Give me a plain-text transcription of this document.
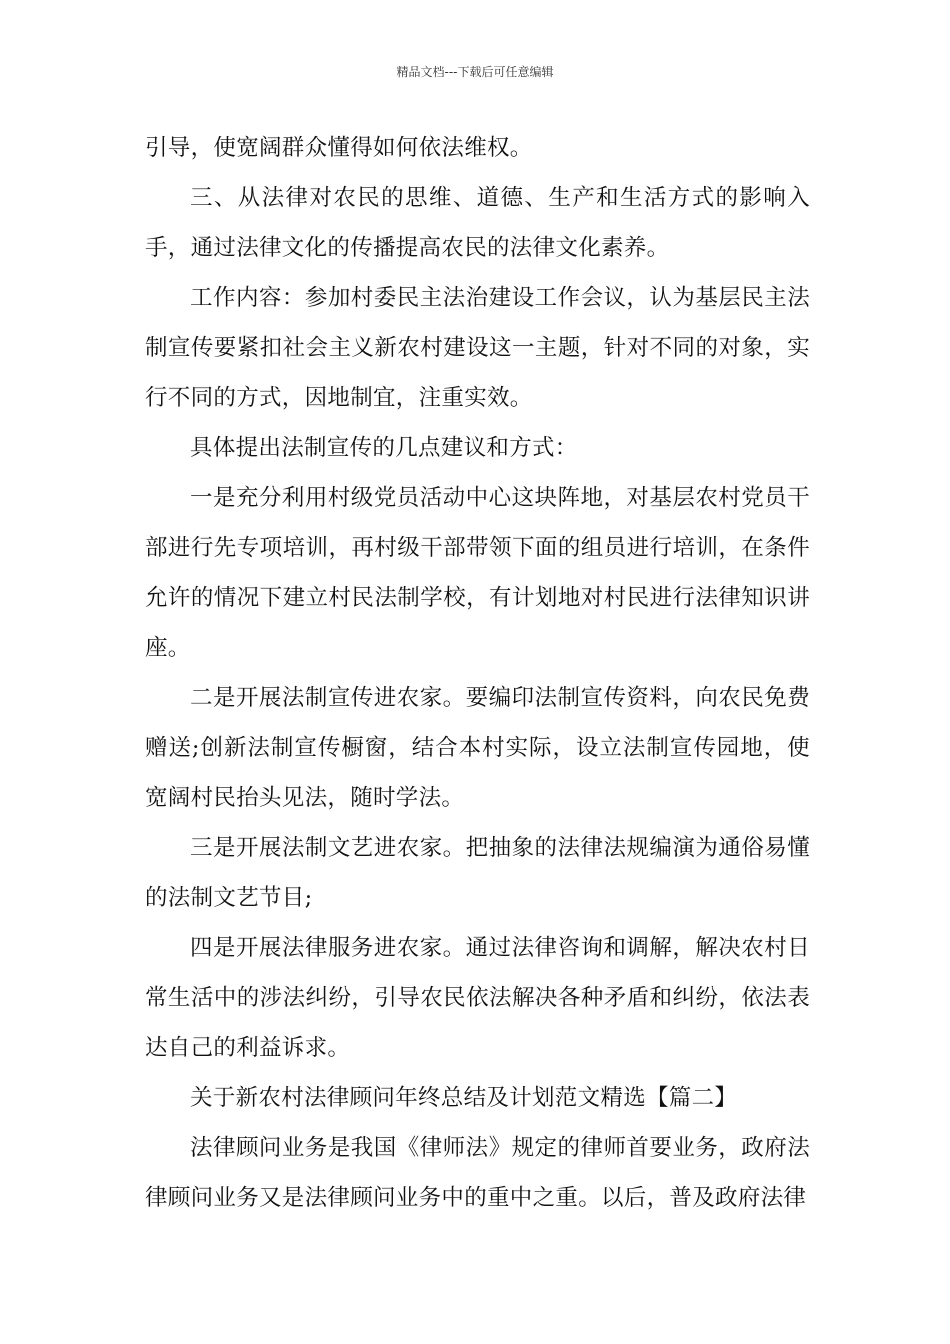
精品文档---下载后可任意编辑

引导，使宽阔群众懂得如何依法维权。

三、从法律对农民的思维、道德、生产和生活方式的影响入手，通过法律文化的传播提高农民的法律文化素养。

工作内容：参加村委民主法治建设工作会议，认为基层民主法制宣传要紧扣社会主义新农村建设这一主题，针对不同的对象，实行不同的方式，因地制宜，注重实效。

具体提出法制宣传的几点建议和方式：

一是充分利用村级党员活动中心这块阵地，对基层农村党员干部进行先专项培训，再村级干部带领下面的组员进行培训，在条件允许的情况下建立村民法制学校，有计划地对村民进行法律知识讲座。

二是开展法制宣传进农家。要编印法制宣传资料，向农民免费赠送;创新法制宣传橱窗，结合本村实际，设立法制宣传园地，使宽阔村民抬头见法，随时学法。

三是开展法制文艺进农家。把抽象的法律法规编演为通俗易懂的法制文艺节目;

四是开展法律服务进农家。通过法律咨询和调解，解决农村日常生活中的涉法纠纷，引导农民依法解决各种矛盾和纠纷，依法表达自己的利益诉求。

关于新农村法律顾问年终总结及计划范文精选【篇二】

法律顾问业务是我国《律师法》规定的律师首要业务，政府法律顾问业务又是法律顾问业务中的重中之重。以后，普及政府法律
